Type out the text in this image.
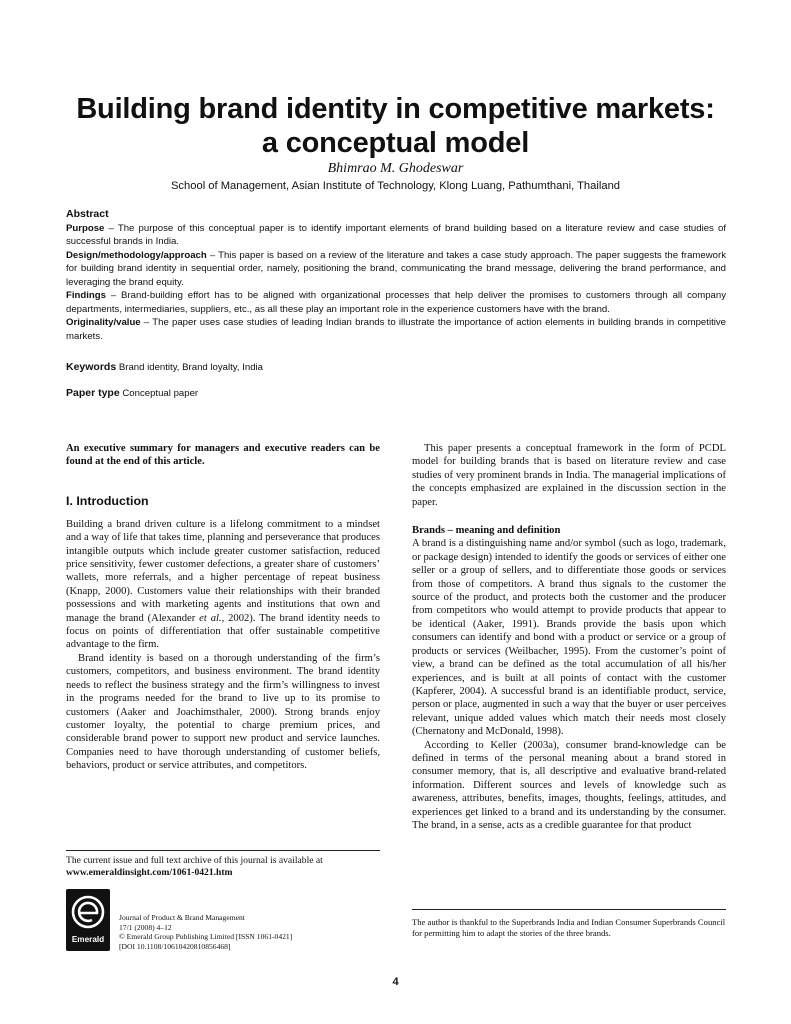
Building brand identity in competitive markets:
a conceptual model
Bhimrao M. Ghodeswar
School of Management, Asian Institute of Technology, Klong Luang, Pathumthani, Thailand

Abstract

Purpose – The purpose of this conceptual paper is to identify important elements of brand building based on a literature review and case studies of successful brands in India.

Design/methodology/approach – This paper is based on a review of the literature and takes a case study approach. The paper suggests the framework for building brand identity in sequential order, namely, positioning the brand, communicating the brand message, delivering the brand performance, and leveraging the brand equity.

Findings – Brand-building effort has to be aligned with organizational processes that help deliver the promises to customers through all company departments, intermediaries, suppliers, etc., as all these play an important role in the experience customers have with the brand.

Originality/value – The paper uses case studies of leading Indian brands to illustrate the importance of action elements in building brands in competitive markets.

Keywords Brand identity, Brand loyalty, India
Paper type Conceptual paper

An executive summary for managers and executive readers can be found at the end of this article.

I. Introduction

Building a brand driven culture is a lifelong commitment to a mindset and a way of life that takes time, planning and perseverance that produces intangible outputs which include greater customer satisfaction, reduced price sensitivity, fewer customer defections, a greater share of customers’ wallets, more referrals, and a higher percentage of repeat business (Knapp, 2000). Customers value their relationships with their branded possessions and with marketing agents and institutions that own and manage the brand (Alexander et al., 2002). The brand identity needs to focus on points of differentiation that offer sustainable competitive advantage to the firm.

Brand identity is based on a thorough understanding of the firm’s customers, competitors, and business environment. The brand identity needs to reflect the business strategy and the firm’s willingness to invest in the programs needed for the brand to live up to its promise to customers (Aaker and Joachimsthaler, 2000). Strong brands enjoy customer loyalty, the potential to charge premium prices, and considerable brand power to support new product and service launches. Companies need to have thorough understanding of customer beliefs, behaviors, product or service attributes, and competitors.

This paper presents a conceptual framework in the form of PCDL model for building brands that is based on literature review and case studies of very prominent brands in India. The managerial implications of the concepts emphasized are explained in the discussion section in the paper.

Brands – meaning and definition

A brand is a distinguishing name and/or symbol (such as logo, trademark, or package design) intended to identify the goods or services of either one seller or a group of sellers, and to differentiate those goods or services from those of competitors. A brand thus signals to the customer the source of the product, and protects both the customer and the producer from competitors who would attempt to provide products that appear to be identical (Aaker, 1991). Brands provide the basis upon which consumers can identify and bond with a product or service or a group of products or services (Weilbacher, 1995). From the customer’s point of view, a brand can be defined as the total accumulation of all his/her experiences, and is built at all points of contact with the customer (Kapferer, 2004). A successful brand is an identifiable product, service, person or place, augmented in such a way that the buyer or user perceives relevant, unique added values which match their needs most closely (Chernatony and McDonald, 1998).

According to Keller (2003a), consumer brand-knowledge can be defined in terms of the personal meaning about a brand stored in consumer memory, that is, all descriptive and evaluative brand-related information. Different sources and levels of knowledge such as awareness, attributes, benefits, images, thoughts, feelings, attitudes, and experiences get linked to a brand and its understanding by the consumer. The brand, in a sense, acts as a credible guarantee for that product

The current issue and full text archive of this journal is available at
www.emeraldinsight.com/1061-0421.htm
Emerald
Journal of Product & Brand Management
17/1 (2008) 4–12
© Emerald Group Publishing Limited [ISSN 1061-0421]
[DOI 10.1108/10610420810856468]
The author is thankful to the Superbrands India and Indian Consumer Superbrands Council for permitting him to adapt the stories of the three brands.
4
